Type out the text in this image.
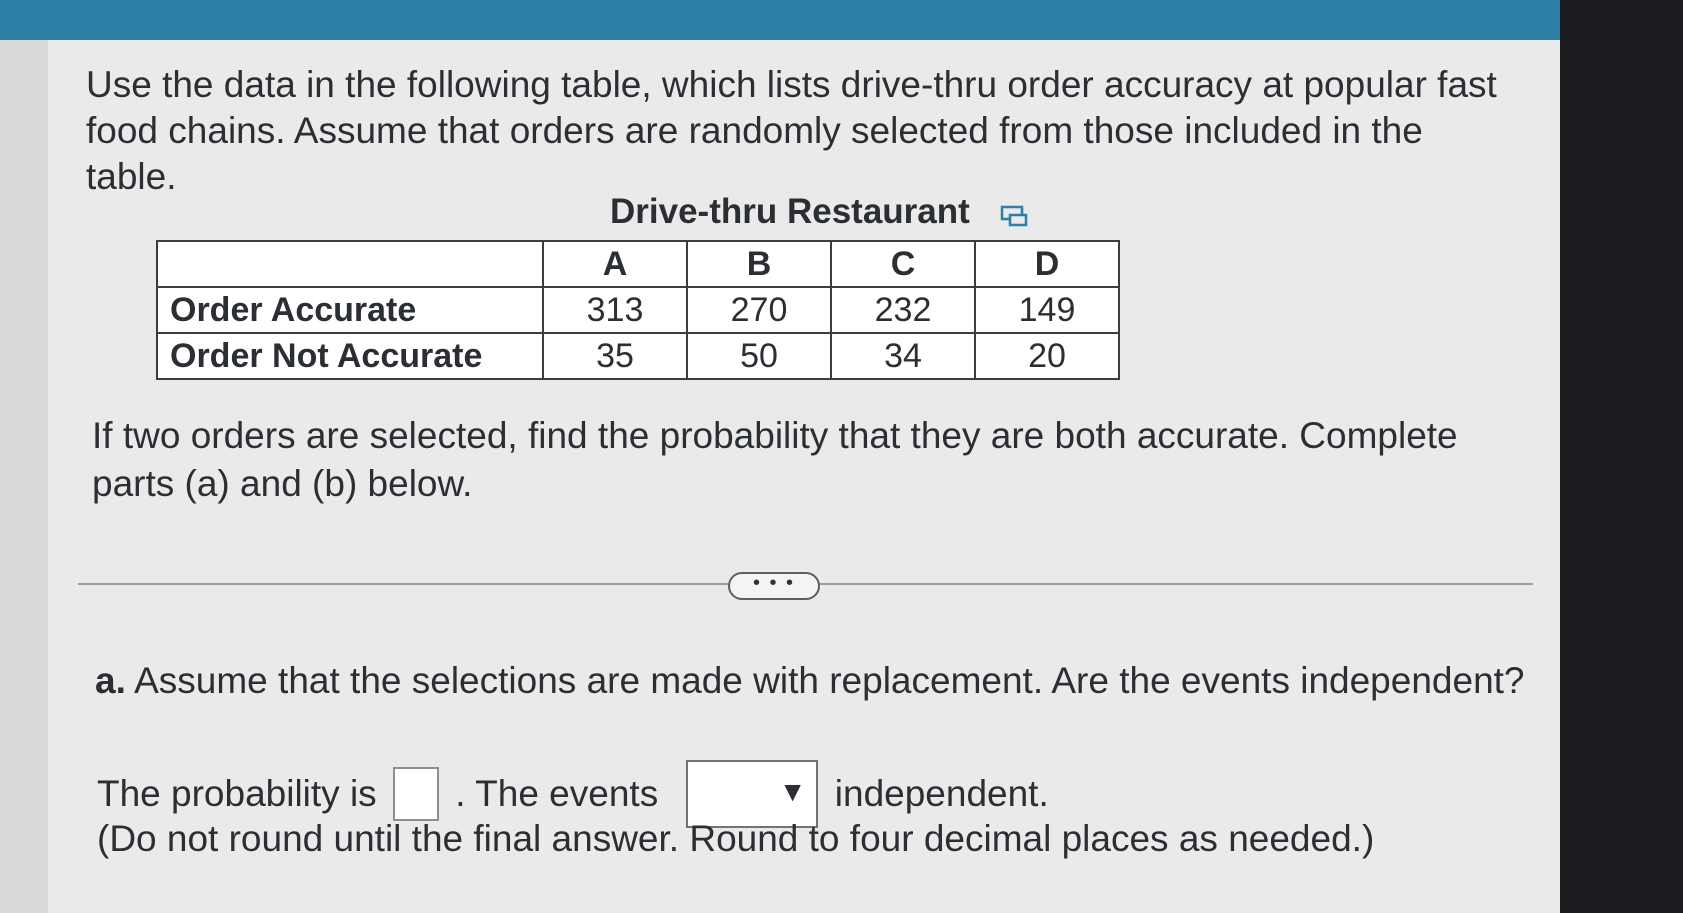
Use the data in the following table, which lists drive-thru order accuracy at popular fast food chains. Assume that orders are randomly selected from those included in the table.

Drive-thru Restaurant
	A	B	C	D
Order Accurate	313	270	232	149
Order Not Accurate	35	50	34	20

If two orders are selected, find the probability that they are both accurate. Complete parts (a) and (b) below.

• • •
a. Assume that the selections are made with replacement. Are the events independent?
The probability is . The events	▼ independent.
(Do not round until the final answer. Round to four decimal places as needed.)
